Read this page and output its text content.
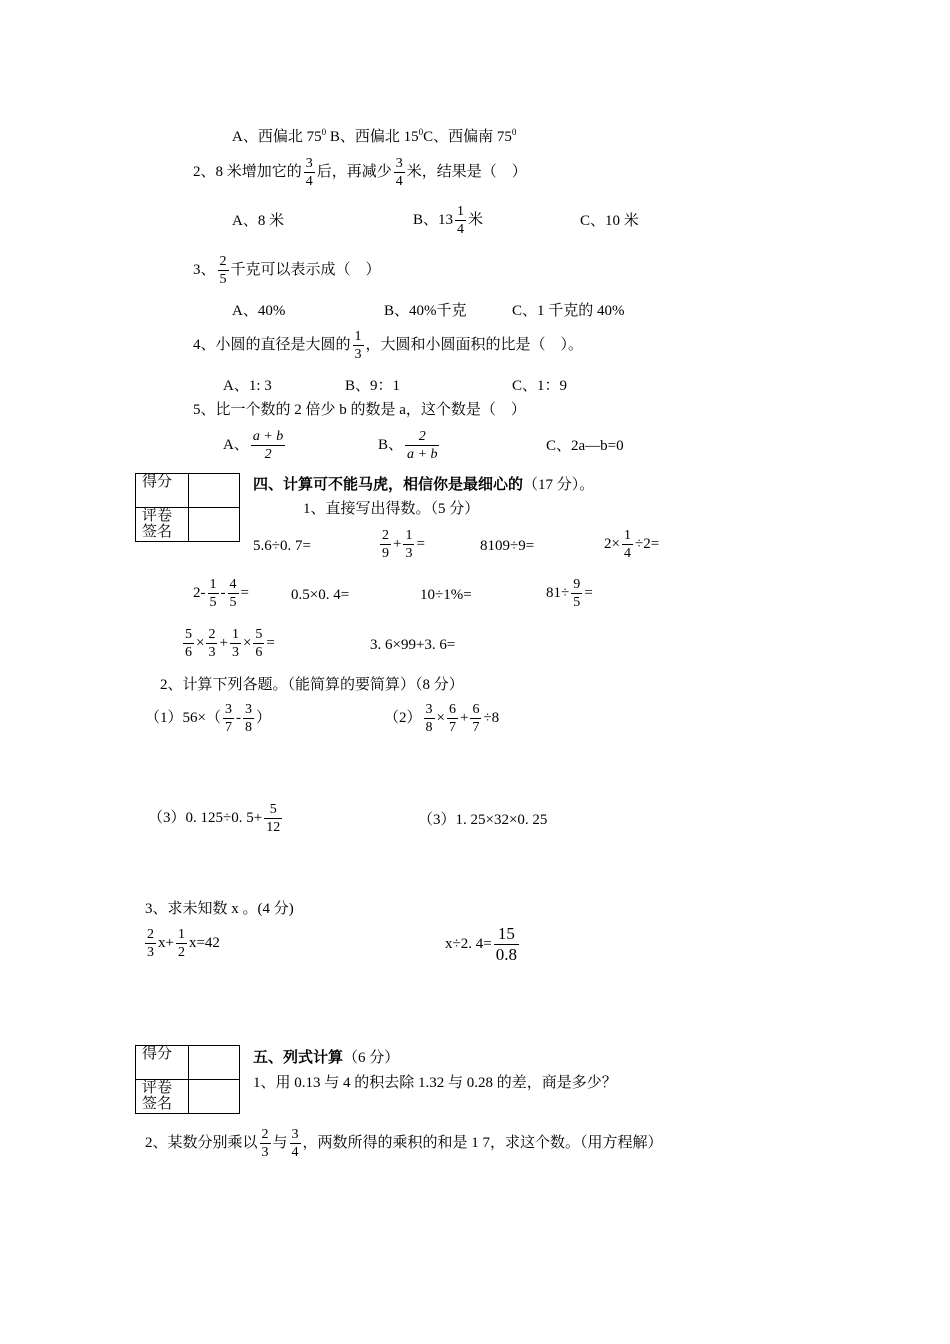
A、西偏北 $75^0$ B、西偏北 $15^0C$、西偏南 $75^0$
2、8 米增加它的 $\frac{3}{4}$ 后，再减少 $\frac{3}{4}$ 米，结果是（　）
A、8 米	B、$13 \frac{1}{4}$ 米	C、10 米
3、 $\frac{2}{5}$ 千克可以表示成（　）
A、40%	B、40%千克	C、1 千克的 40%
4、小圆的直径是大圆的 $\frac{1}{3}$ ，大圆和小圆面积的比是（　）。
A、1: 3	B、9：1	C、1：9
5、比一个数的 2 倍少 b 的数是 a，这个数是（　）
A、 $\frac{a + b}{2}$	B、 $\frac{2}{a + b}$	C、2a—b=0
得分	
评卷
签名	
四、计算可不能马虎，相信你是最细心的（17 分）。
1、直接写出得数。（5 分）
5.6÷0. 7=	$\frac{2}{9} + \frac{1}{3}$ =	8109÷9=	$2\times \frac{1}{4} \div 2=$
$2- \frac{1}{5} - \frac{4}{5}$ =	0.5×0. 4=	10÷1%=	$81\div \frac{9}{5}$ =
$\frac{5}{6} \times \frac{2}{3} + \frac{1}{3} \times \frac{5}{6}$ =	3. 6×99+3. 6=
2、计算下列各题。（能简算的要简算）（8 分）
$(1)56\times( \frac{3}{7} - \frac{3}{8}$ ）	$(2) \frac{3}{8} \times \frac{6}{7} + \frac{6}{7} \div 8$
（3）0. 125÷0. $5+ \frac{5}{12}$	（3）1. 25×32×0. 25
3、求未知数 x 。(4 分)
$\frac{2}{3} x+ \frac{1}{2} x=42$	x÷2. $4= \frac{15}{0.8}$
得分	
评卷
签名	
五、列式计算（6 分）
1、用 0.13 与 4 的积去除 1.32 与 0.28 的差，商是多少？
2、某数分别乘以 $\frac{2}{3}$ 与 $\frac{3}{4}$ ，两数所得的乘积的和是 1 7，求这个数。（用方程解）
